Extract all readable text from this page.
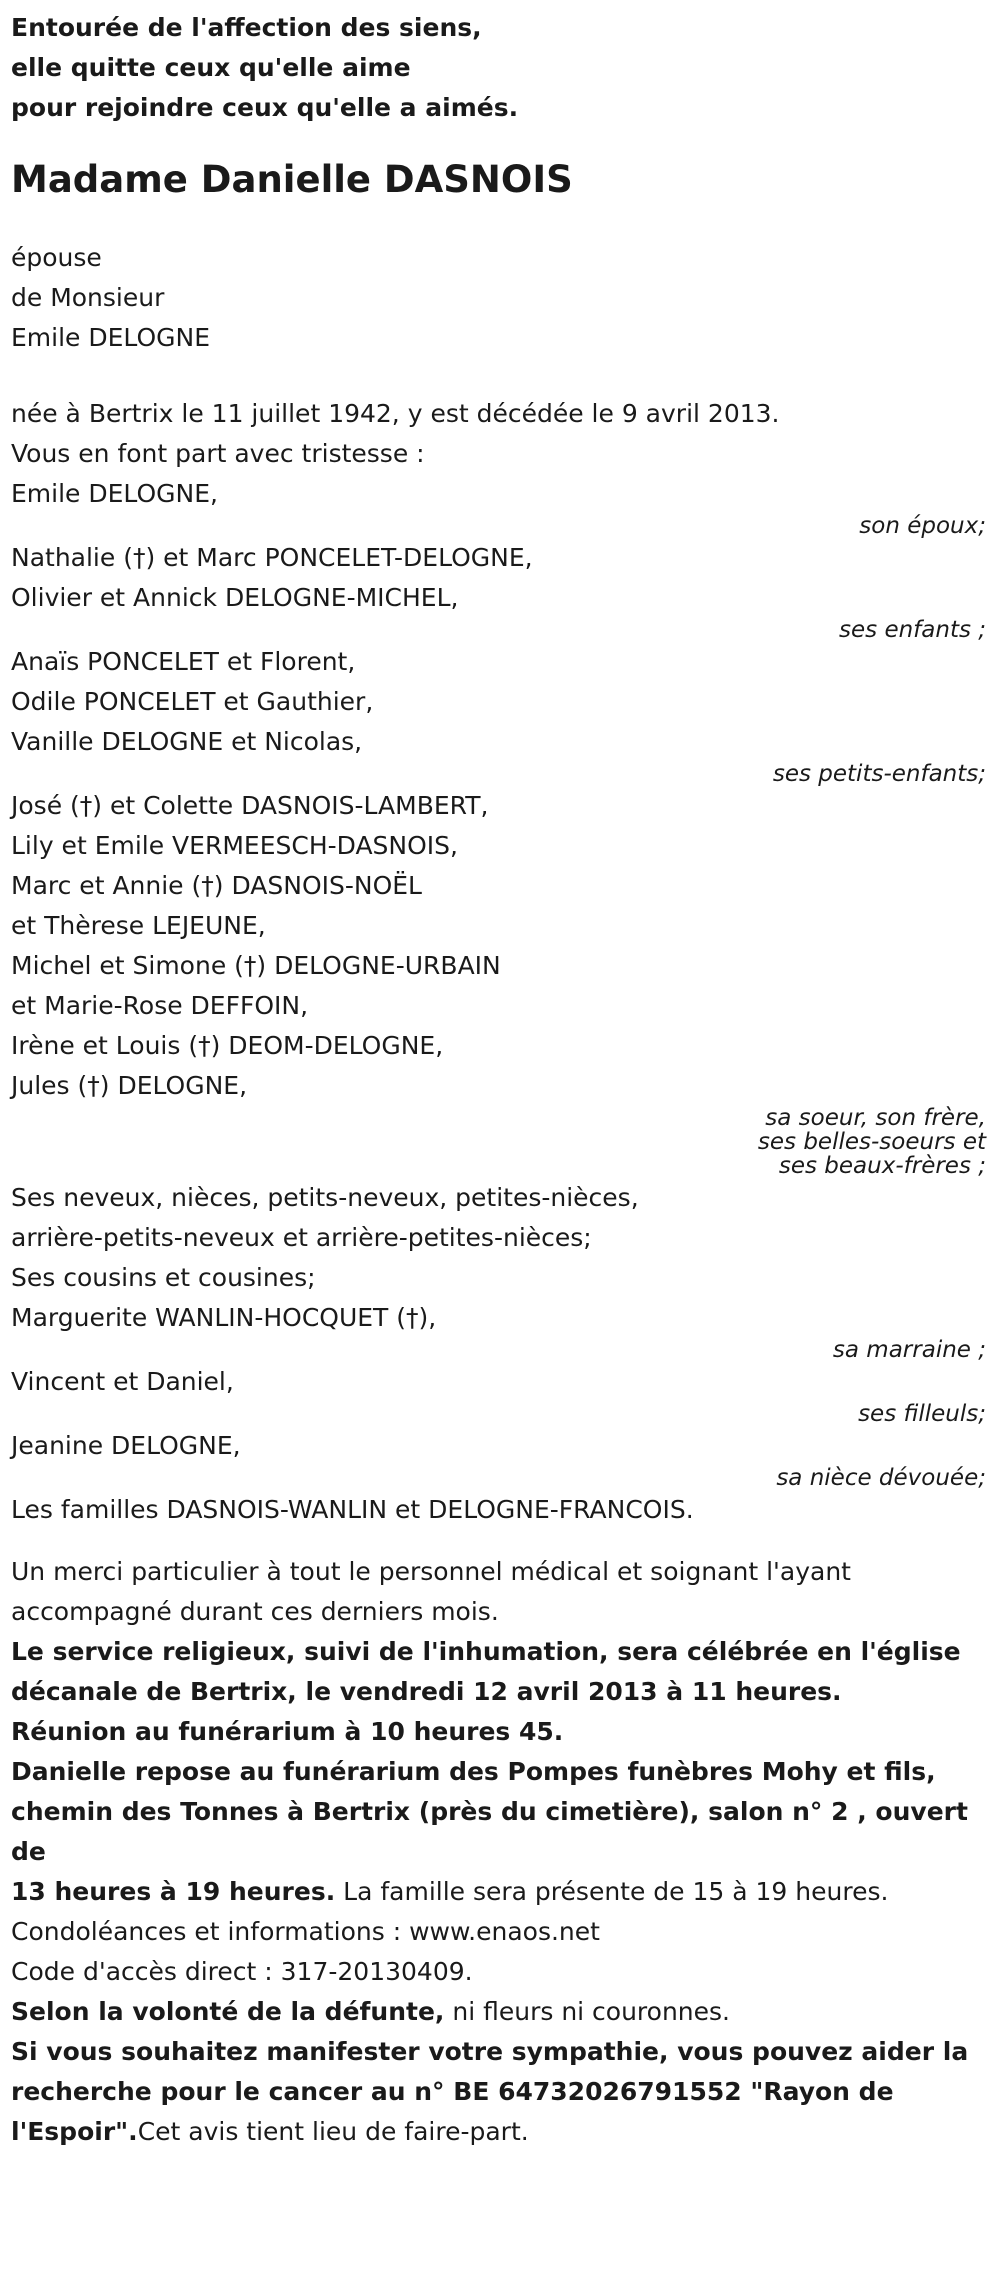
Entourée de l'affection des siens,
elle quitte ceux qu'elle aime
pour rejoindre ceux qu'elle a aimés.
Madame Danielle DASNOIS
épouse
de Monsieur
Emile DELOGNE

née à Bertrix le 11 juillet 1942, y est décédée le 9 avril 2013.

Vous en font part avec tristesse :

Emile DELOGNE,
son époux;
Nathalie (†) et Marc PONCELET-DELOGNE,
Olivier et Annick DELOGNE-MICHEL,
ses enfants ;
Anaïs PONCELET et Florent,
Odile PONCELET et Gauthier,
Vanille DELOGNE et Nicolas,
ses petits-enfants;
José (†) et Colette DASNOIS-LAMBERT,
Lily et Emile VERMEESCH-DASNOIS,
Marc et Annie (†) DASNOIS-NOËL
et Thèrese LEJEUNE,
Michel et Simone (†) DELOGNE-URBAIN
et Marie-Rose DEFFOIN,
Irène et Louis (†) DEOM-DELOGNE,
Jules (†) DELOGNE,
sa soeur, son frère,
ses belles-soeurs et
ses beaux-frères ;
Ses neveux, nièces, petits-neveux, petites-nièces,
arrière-petits-neveux et arrière-petites-nièces;
Ses cousins et cousines;
Marguerite WANLIN-HOCQUET (†),
sa marraine ;
Vincent et Daniel,
ses filleuls;
Jeanine DELOGNE,
sa nièce dévouée;

Les familles DASNOIS-WANLIN et DELOGNE-FRANCOIS.

Un merci particulier à tout le personnel médical et soignant l'ayant
accompagné durant ces derniers mois.
Le service religieux, suivi de l'inhumation, sera célébrée en l'église
décanale de Bertrix, le vendredi 12 avril 2013 à 11 heures.

Réunion au funérarium à 10 heures 45.

Danielle repose au funérarium des Pompes funèbres Mohy et fils,
chemin des Tonnes à Bertrix (près du cimetière), salon n° 2 , ouvert de
13 heures à 19 heures. La famille sera présente de 15 à 19 heures.

Condoléances et informations : www.enaos.net

Code d'accès direct : 317-20130409.

Selon la volonté de la défunte, ni fleurs ni couronnes.

Si vous souhaitez manifester votre sympathie, vous pouvez aider la
recherche pour le cancer au n° BE 64732026791552 "Rayon de
l'Espoir".Cet avis tient lieu de faire-part.
